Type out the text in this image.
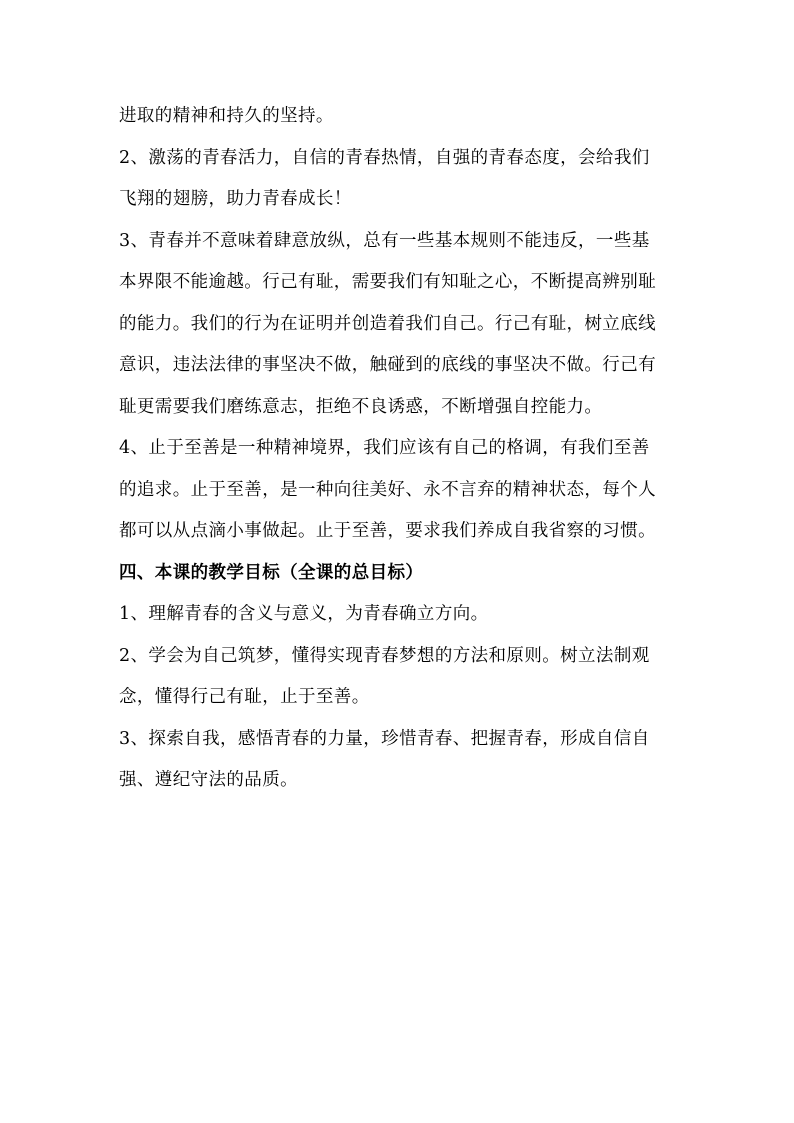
进取的精神和持久的坚持。
2、激荡的青春活力，自信的青春热情，自强的青春态度，会给我们
飞翔的翅膀，助力青春成长！
3、青春并不意味着肆意放纵，总有一些基本规则不能违反，一些基
本界限不能逾越。行己有耻，需要我们有知耻之心，不断提高辨别耻
的能力。我们的行为在证明并创造着我们自己。行己有耻，树立底线
意识，违法法律的事坚决不做，触碰到的底线的事坚决不做。行己有
耻更需要我们磨练意志，拒绝不良诱惑，不断增强自控能力。
4、止于至善是一种精神境界，我们应该有自己的格调，有我们至善
的追求。止于至善，是一种向往美好、永不言弃的精神状态，每个人
都可以从点滴小事做起。止于至善，要求我们养成自我省察的习惯。
四、本课的教学目标（全课的总目标）
1、理解青春的含义与意义，为青春确立方向。
2、学会为自己筑梦，懂得实现青春梦想的方法和原则。树立法制观
念，懂得行己有耻，止于至善。
3、探索自我，感悟青春的力量，珍惜青春、把握青春，形成自信自
强、遵纪守法的品质。
